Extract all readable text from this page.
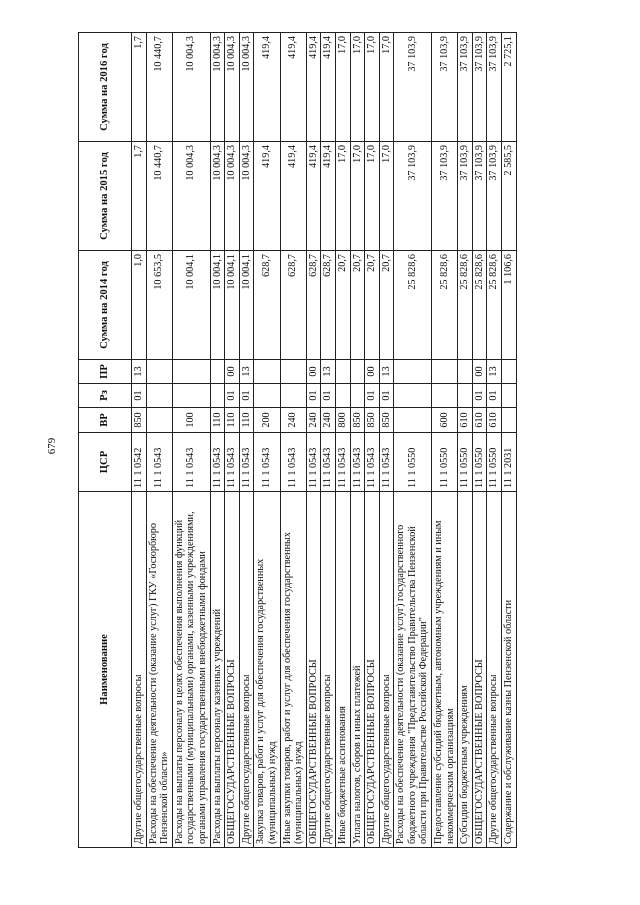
679
Наименование	ЦСР	ВР	Рз	ПР	Сумма на 2014 год	Сумма на 2015 год	Сумма на 2016 год
Другие общегосударственные вопросы	11 1 0542	850	01	13	1,0	1,7	1,7
Расходы на обеспечение деятельности (оказание услуг) ГКУ «Госюрбюро Пензенской области»	11 1 0543				10 653,5	10 440,7	10 440,7
Расходы на выплаты персоналу в целях обеспечения выполнения функций государственными (муниципальными) органами, казенными учреждениями, органами управления государственными внебюджетными фондами	11 1 0543	100			10 004,1	10 004,3	10 004,3
Расходы на выплаты персоналу казенных учреждений	11 1 0543	110			10 004,1	10 004,3	10 004,3
ОБЩЕГОСУДАРСТВЕННЫЕ ВОПРОСЫ	11 1 0543	110	01	00	10 004,1	10 004,3	10 004,3
Другие общегосударственные вопросы	11 1 0543	110	01	13	10 004,1	10 004,3	10 004,3
Закупка товаров, работ и услуг для обеспечения государственных (муниципальных) нужд	11 1 0543	200			628,7	419,4	419,4
Иные закупки товаров, работ и услуг для обеспечения государственных (муниципальных) нужд	11 1 0543	240			628,7	419,4	419,4
ОБЩЕГОСУДАРСТВЕННЫЕ ВОПРОСЫ	11 1 0543	240	01	00	628,7	419,4	419,4
Другие общегосударственные вопросы	11 1 0543	240	01	13	628,7	419,4	419,4
Иные бюджетные ассигнования	11 1 0543	800			20,7	17,0	17,0
Уплата налогов, сборов и иных платежей	11 1 0543	850			20,7	17,0	17,0
ОБЩЕГОСУДАРСТВЕННЫЕ ВОПРОСЫ	11 1 0543	850	01	00	20,7	17,0	17,0
Другие общегосударственные вопросы	11 1 0543	850	01	13	20,7	17,0	17,0
Расходы на обеспечение деятельности (оказание услуг) государственного бюджетного учреждения "Представительство Правительства Пензенской области при Правительстве Российской Федерации"	11 1 0550				25 828,6	37 103,9	37 103,9
Предоставление субсидий бюджетным, автономным учреждениям и иным некоммерческим организациям	11 1 0550	600			25 828,6	37 103,9	37 103,9
Субсидии бюджетным учреждениям	11 1 0550	610			25 828,6	37 103,9	37 103,9
ОБЩЕГОСУДАРСТВЕННЫЕ ВОПРОСЫ	11 1 0550	610	01	00	25 828,6	37 103,9	37 103,9
Другие общегосударственные вопросы	11 1 0550	610	01	13	25 828,6	37 103,9	37 103,9
Содержание и обслуживание казны Пензенской области	11 1 2031				1 106,6	2 585,5	2 725,1
